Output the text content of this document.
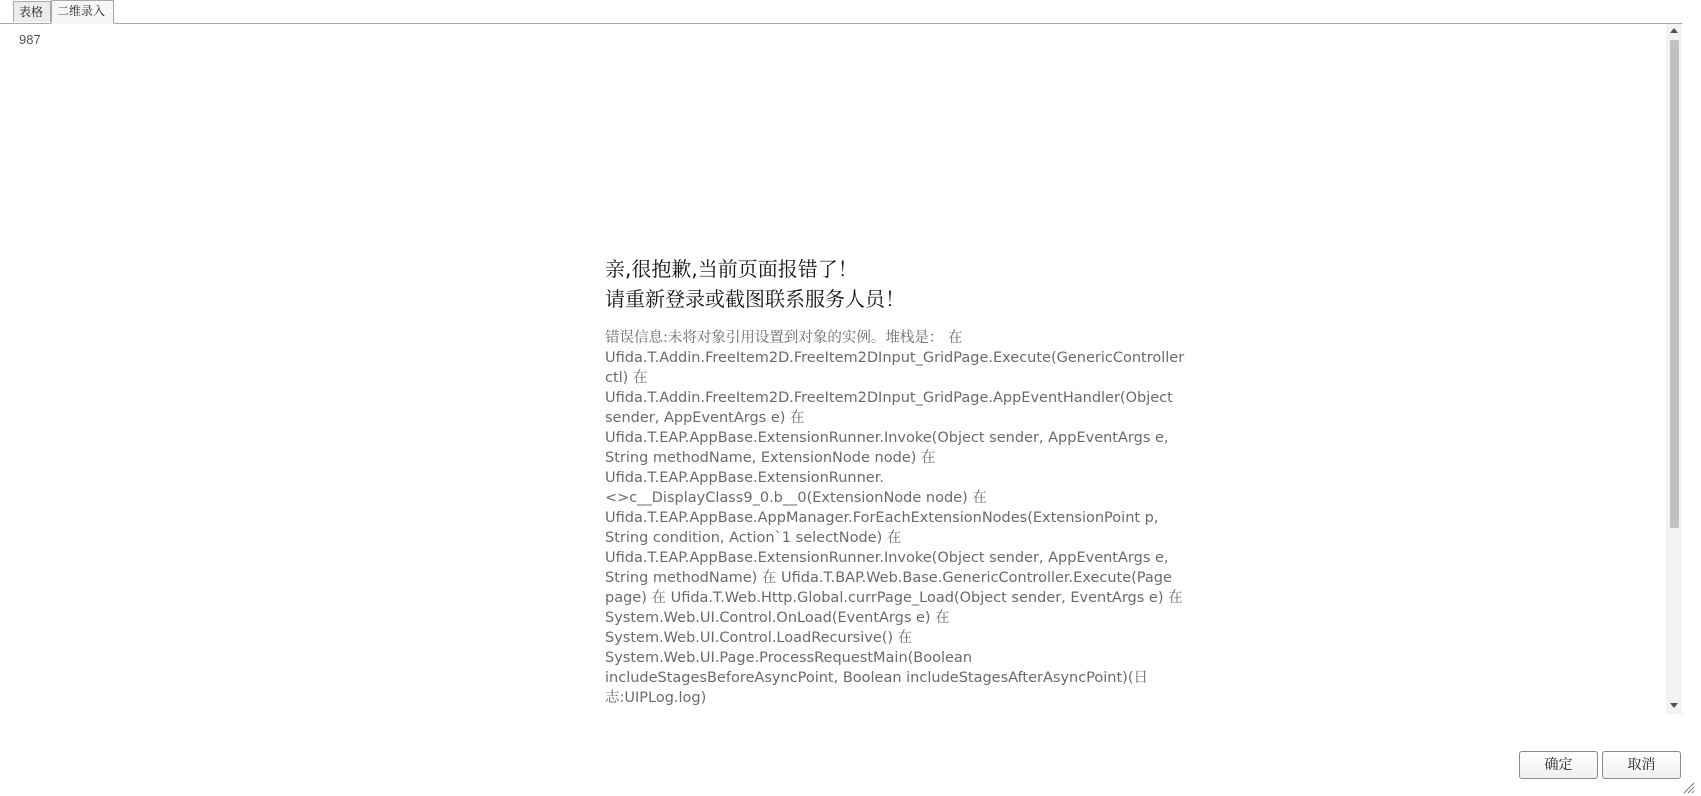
表格	二维录入
987
亲,很抱歉,当前页面报错了！
请重新登录或截图联系服务人员！
错误信息:未将对象引用设置到对象的实例。堆栈是： 在 Ufida.T.Addin.FreeItem2D.FreeItem2DInput_GridPage.Execute(GenericController ctl) 在 Ufida.T.Addin.FreeItem2D.FreeItem2DInput_GridPage.AppEventHandler(Object sender, AppEventArgs e) 在 Ufida.T.EAP.AppBase.ExtensionRunner.Invoke(Object sender, AppEventArgs e, String methodName, ExtensionNode node) 在 Ufida.T.EAP.AppBase.ExtensionRunner.<>c__DisplayClass9_0.b__0(ExtensionNode node) 在 Ufida.T.EAP.AppBase.AppManager.ForEachExtensionNodes(ExtensionPoint p, String condition, Action`1 selectNode) 在 Ufida.T.EAP.AppBase.ExtensionRunner.Invoke(Object sender, AppEventArgs e, String methodName) 在 Ufida.T.BAP.Web.Base.GenericController.Execute(Page page) 在 Ufida.T.Web.Http.Global.currPage_Load(Object sender, EventArgs e) 在 System.Web.UI.Control.OnLoad(EventArgs e) 在 System.Web.UI.Control.LoadRecursive() 在 System.Web.UI.Page.ProcessRequestMain(Boolean includeStagesBeforeAsyncPoint, Boolean includeStagesAfterAsyncPoint)(日志:UIPLog.log)
确定	取消
